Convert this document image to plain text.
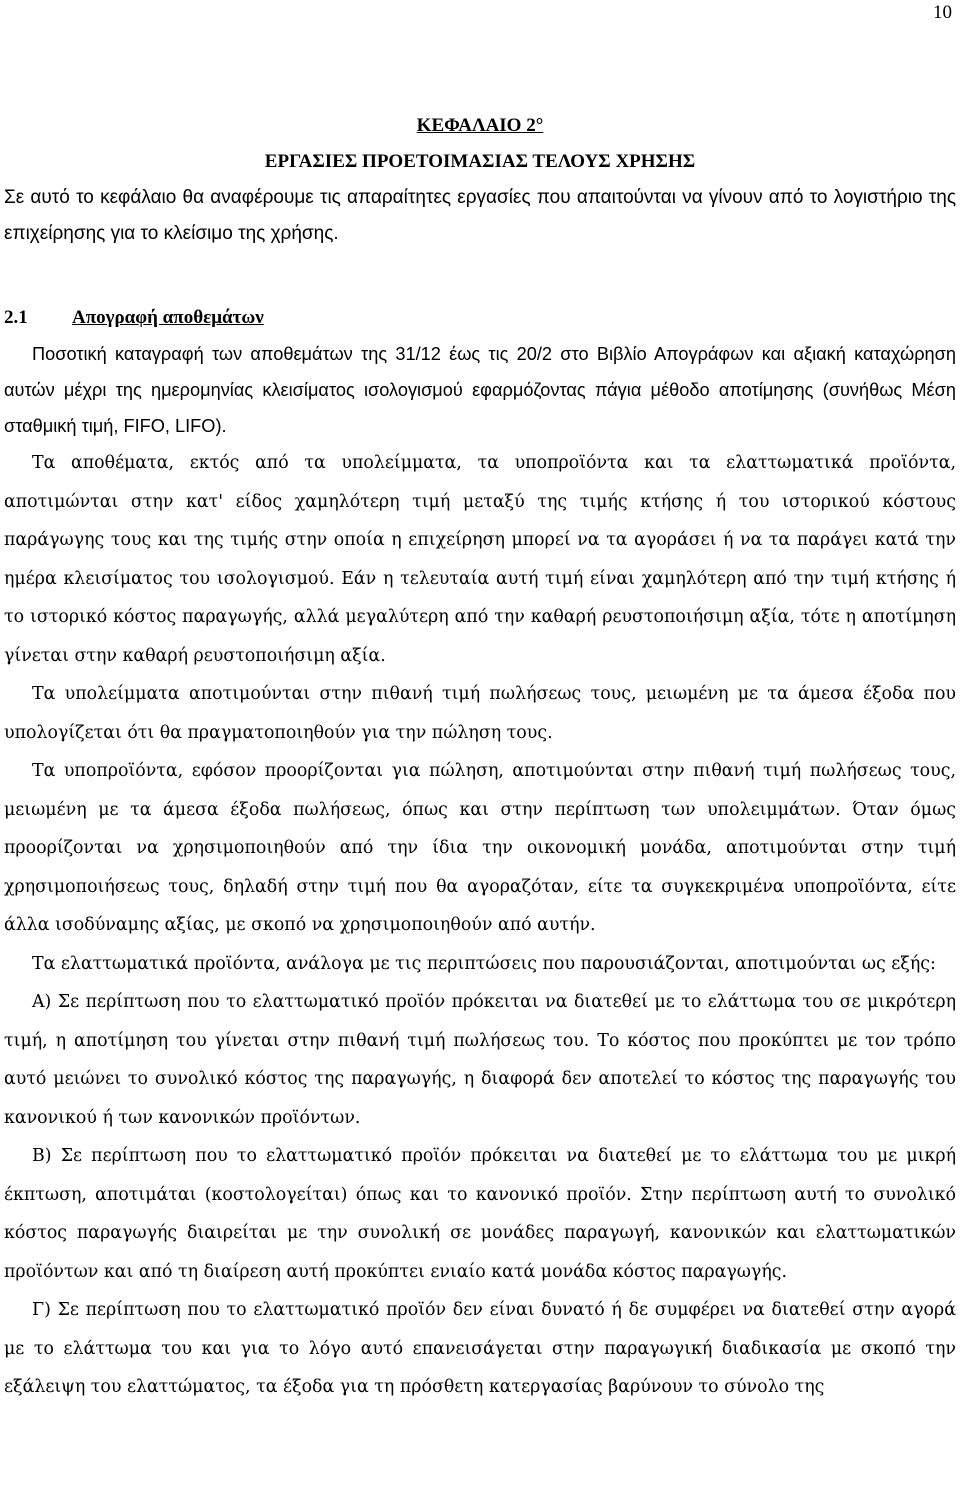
10
ΚΕΦΑΛΑΙΟ 2°
ΕΡΓΑΣΙΕΣ ΠΡΟΕΤΟΙΜΑΣΙΑΣ ΤΕΛΟΥΣ ΧΡΗΣΗΣ

Σε αυτό το κεφάλαιο θα αναφέρουμε τις απαραίτητες εργασίες που απαιτούνται να γίνουν από το λογιστήριο της επιχείρησης για το κλείσιμο της χρήσης.

2.1 Απογραφή αποθεμάτων

Ποσοτική καταγραφή των αποθεμάτων της 31/12 έως τις 20/2 στο Βιβλίο Απογράφων και αξιακή καταχώρηση αυτών μέχρι της ημερομηνίας κλεισίματος ισολογισμού εφαρμόζοντας πάγια μέθοδο αποτίμησης (συνήθως Μέση σταθμική τιμή, FIFO, LIFO).

Τα αποθέματα, εκτός από τα υπολείμματα, τα υποπροϊόντα και τα ελαττωματικά προϊόντα, αποτιμώνται στην κατ' είδος χαμηλότερη τιμή μεταξύ της τιμής κτήσης ή του ιστορικού κόστους παράγωγης τους και της τιμής στην οποία η επιχείρηση μπορεί να τα αγοράσει ή να τα παράγει κατά την ημέρα κλεισίματος του ισολογισμού. Εάν η τελευταία αυτή τιμή είναι χαμηλότερη από την τιμή κτήσης ή το ιστορικό κόστος παραγωγής, αλλά μεγαλύτερη από την καθαρή ρευστοποιήσιμη αξία, τότε η αποτίμηση γίνεται στην καθαρή ρευστοποιήσιμη αξία.

Τα υπολείμματα αποτιμούνται στην πιθανή τιμή πωλήσεως τους, μειωμένη με τα άμεσα έξοδα που υπολογίζεται ότι θα πραγματοποιηθούν για την πώληση τους.

Τα υποπροϊόντα, εφόσον προορίζονται για πώληση, αποτιμούνται στην πιθανή τιμή πωλήσεως τους, μειωμένη με τα άμεσα έξοδα πωλήσεως, όπως και στην περίπτωση των υπολειμμάτων. Όταν όμως προορίζονται να χρησιμοποιηθούν από την ίδια την οικονομική μονάδα, αποτιμούνται στην τιμή χρησιμοποιήσεως τους, δηλαδή στην τιμή που θα αγοραζόταν, είτε τα συγκεκριμένα υποπροϊόντα, είτε άλλα ισοδύναμης αξίας, με σκοπό να χρησιμοποιηθούν από αυτήν.

Τα ελαττωματικά προϊόντα, ανάλογα με τις περιπτώσεις που παρουσιάζονται, αποτιμούνται ως εξής:

Α) Σε περίπτωση που το ελαττωματικό προϊόν πρόκειται να διατεθεί με το ελάττωμα του σε μικρότερη τιμή, η αποτίμηση του γίνεται στην πιθανή τιμή πωλήσεως του. Το κόστος που προκύπτει με τον τρόπο αυτό μειώνει το συνολικό κόστος της παραγωγής, η διαφορά δεν αποτελεί το κόστος της παραγωγής του κανονικού ή των κανονικών προϊόντων.

Β) Σε περίπτωση που το ελαττωματικό προϊόν πρόκειται να διατεθεί με το ελάττωμα του με μικρή έκπτωση, αποτιμάται (κοστολογείται) όπως και το κανονικό προϊόν. Στην περίπτωση αυτή το συνολικό κόστος παραγωγής διαιρείται με την συνολική σε μονάδες παραγωγή, κανονικών και ελαττωματικών προϊόντων και από τη διαίρεση αυτή προκύπτει ενιαίο κατά μονάδα κόστος παραγωγής.

Γ) Σε περίπτωση που το ελαττωματικό προϊόν δεν είναι δυνατό ή δε συμφέρει να διατεθεί στην αγορά με το ελάττωμα του και για το λόγο αυτό επανεισάγεται στην παραγωγική διαδικασία με σκοπό την εξάλειψη του ελαττώματος, τα έξοδα για τη πρόσθετη κατεργασίας βαρύνουν το σύνολο της
